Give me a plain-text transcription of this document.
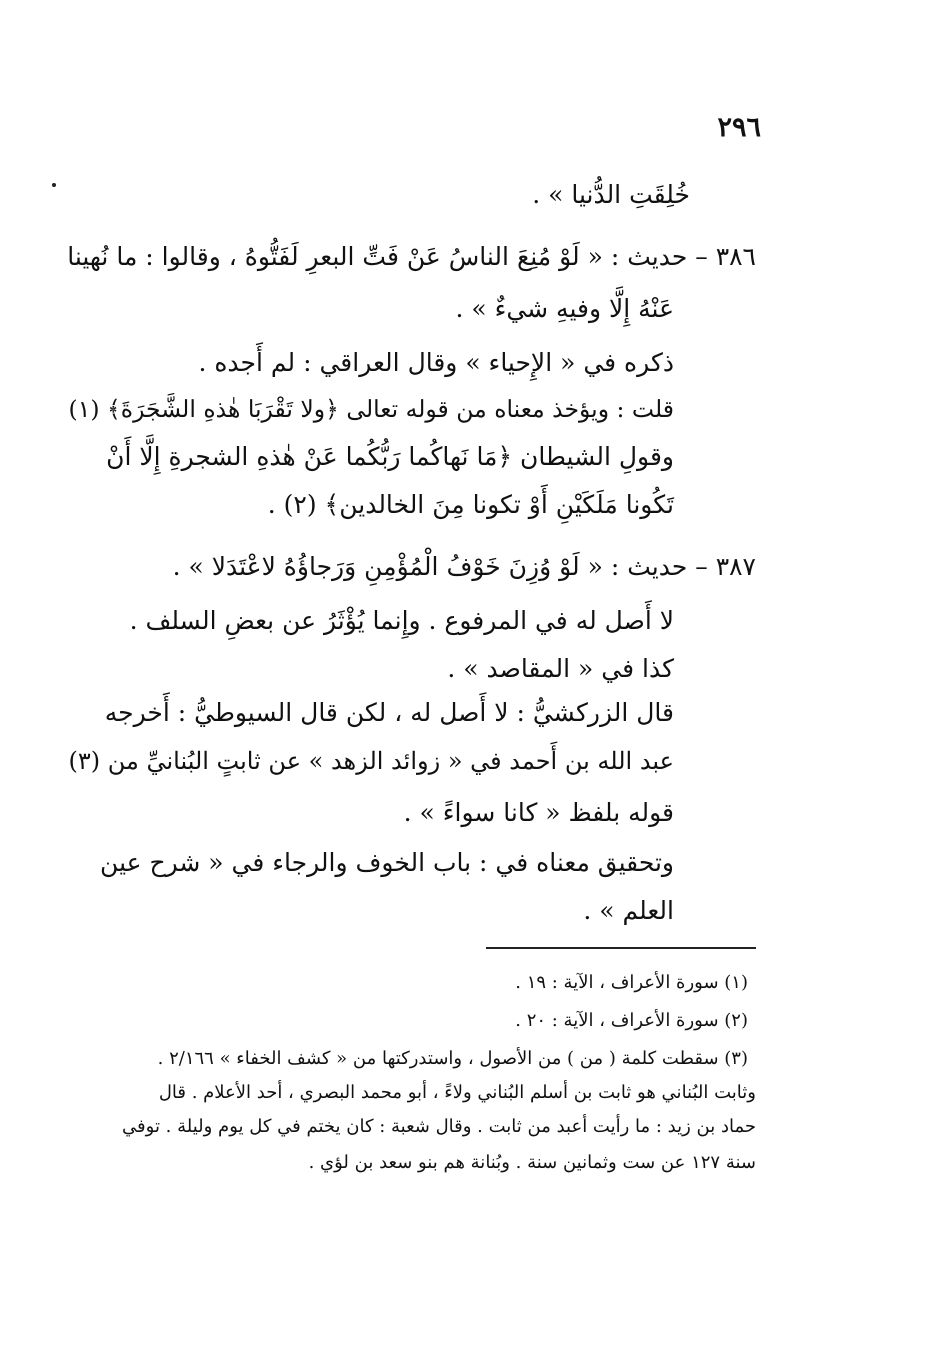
٢٩٦
خُلِقَتِ الدُّنيا » .
٣٨٦ – حديث : « لَوْ مُنِعَ الناسُ عَنْ فَتِّ البعرِ لَفَتُّوهُ ، وقالوا : ما نُهينا
عَنْهُ إِلَّا وفيهِ شيءٌ » .
ذكره في « الإِحياء » وقال العراقي : لم أَجده .
قلت : ويؤخذ معناه من قوله تعالى ﴿ولا تَقْرَبَا هٰذهِ الشَّجَرَةَ﴾ (١)
وقولِ الشيطان ﴿مَا نَهاكُما رَبُّكُما عَنْ هٰذهِ الشجرةِ إِلَّا أَنْ
تَكُونا مَلَكَيْنِ أَوْ تكونا مِنَ الخالدين﴾ (٢) .
٣٨٧ – حديث : « لَوْ وُزِنَ خَوْفُ الْمُؤْمِنِ وَرَجاؤُهُ لاعْتَدَلا » .
لا أَصل له في المرفوع . وإِنما يُؤْثَرُ عن بعضِ السلف .
كذا في « المقاصد » .
قال الزركشيُّ : لا أَصل له ، لكن قال السيوطيُّ : أَخرجه
عبد الله بن أَحمد في « زوائد الزهد » عن ثابتٍ البُنانيِّ من (٣)
قوله بلفظ « كانا سواءً » .
وتحقيق معناه في : باب الخوف والرجاء في « شرح عين
العلم » .
(١) سورة الأعراف ، الآية : ١٩ .
(٢) سورة الأعراف ، الآية : ٢٠ .
(٣) سقطت كلمة ( من ) من الأصول ، واستدركتها من « كشف الخفاء » ٢/١٦٦ .
وثابت البُناني هو ثابت بن أسلم البُناني ولاءً ، أبو محمد البصري ، أحد الأعلام . قال
حماد بن زيد : ما رأيت أعبد من ثابت . وقال شعبة : كان يختم في كل يوم وليلة . توفي
سنة ١٢٧ عن ست وثمانين سنة . وبُنانة هم بنو سعد بن لؤي .
